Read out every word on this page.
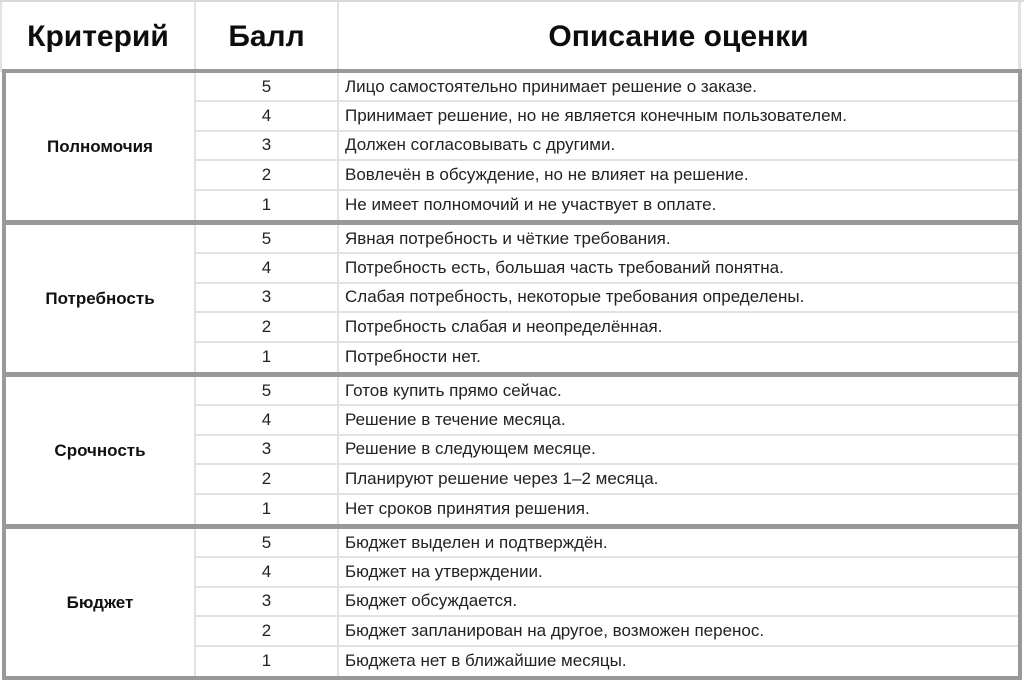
Критерий	Балл	Описание оценки
Полномочия
5	Лицо самостоятельно принимает решение о заказе.
4	Принимает решение, но не является конечным пользователем.
3	Должен согласовывать с другими.
2	Вовлечён в обсуждение, но не влияет на решение.
1	Не имеет полномочий и не участвует в оплате.
Потребность
5	Явная потребность и чёткие требования.
4	Потребность есть, большая часть требований понятна.
3	Слабая потребность, некоторые требования определены.
2	Потребность слабая и неопределённая.
1	Потребности нет.
Срочность
5	Готов купить прямо сейчас.
4	Решение в течение месяца.
3	Решение в следующем месяце.
2	Планируют решение через 1–2 месяца.
1	Нет сроков принятия решения.
Бюджет
5	Бюджет выделен и подтверждён.
4	Бюджет на утверждении.
3	Бюджет обсуждается.
2	Бюджет запланирован на другое, возможен перенос.
1	Бюджета нет в ближайшие месяцы.
